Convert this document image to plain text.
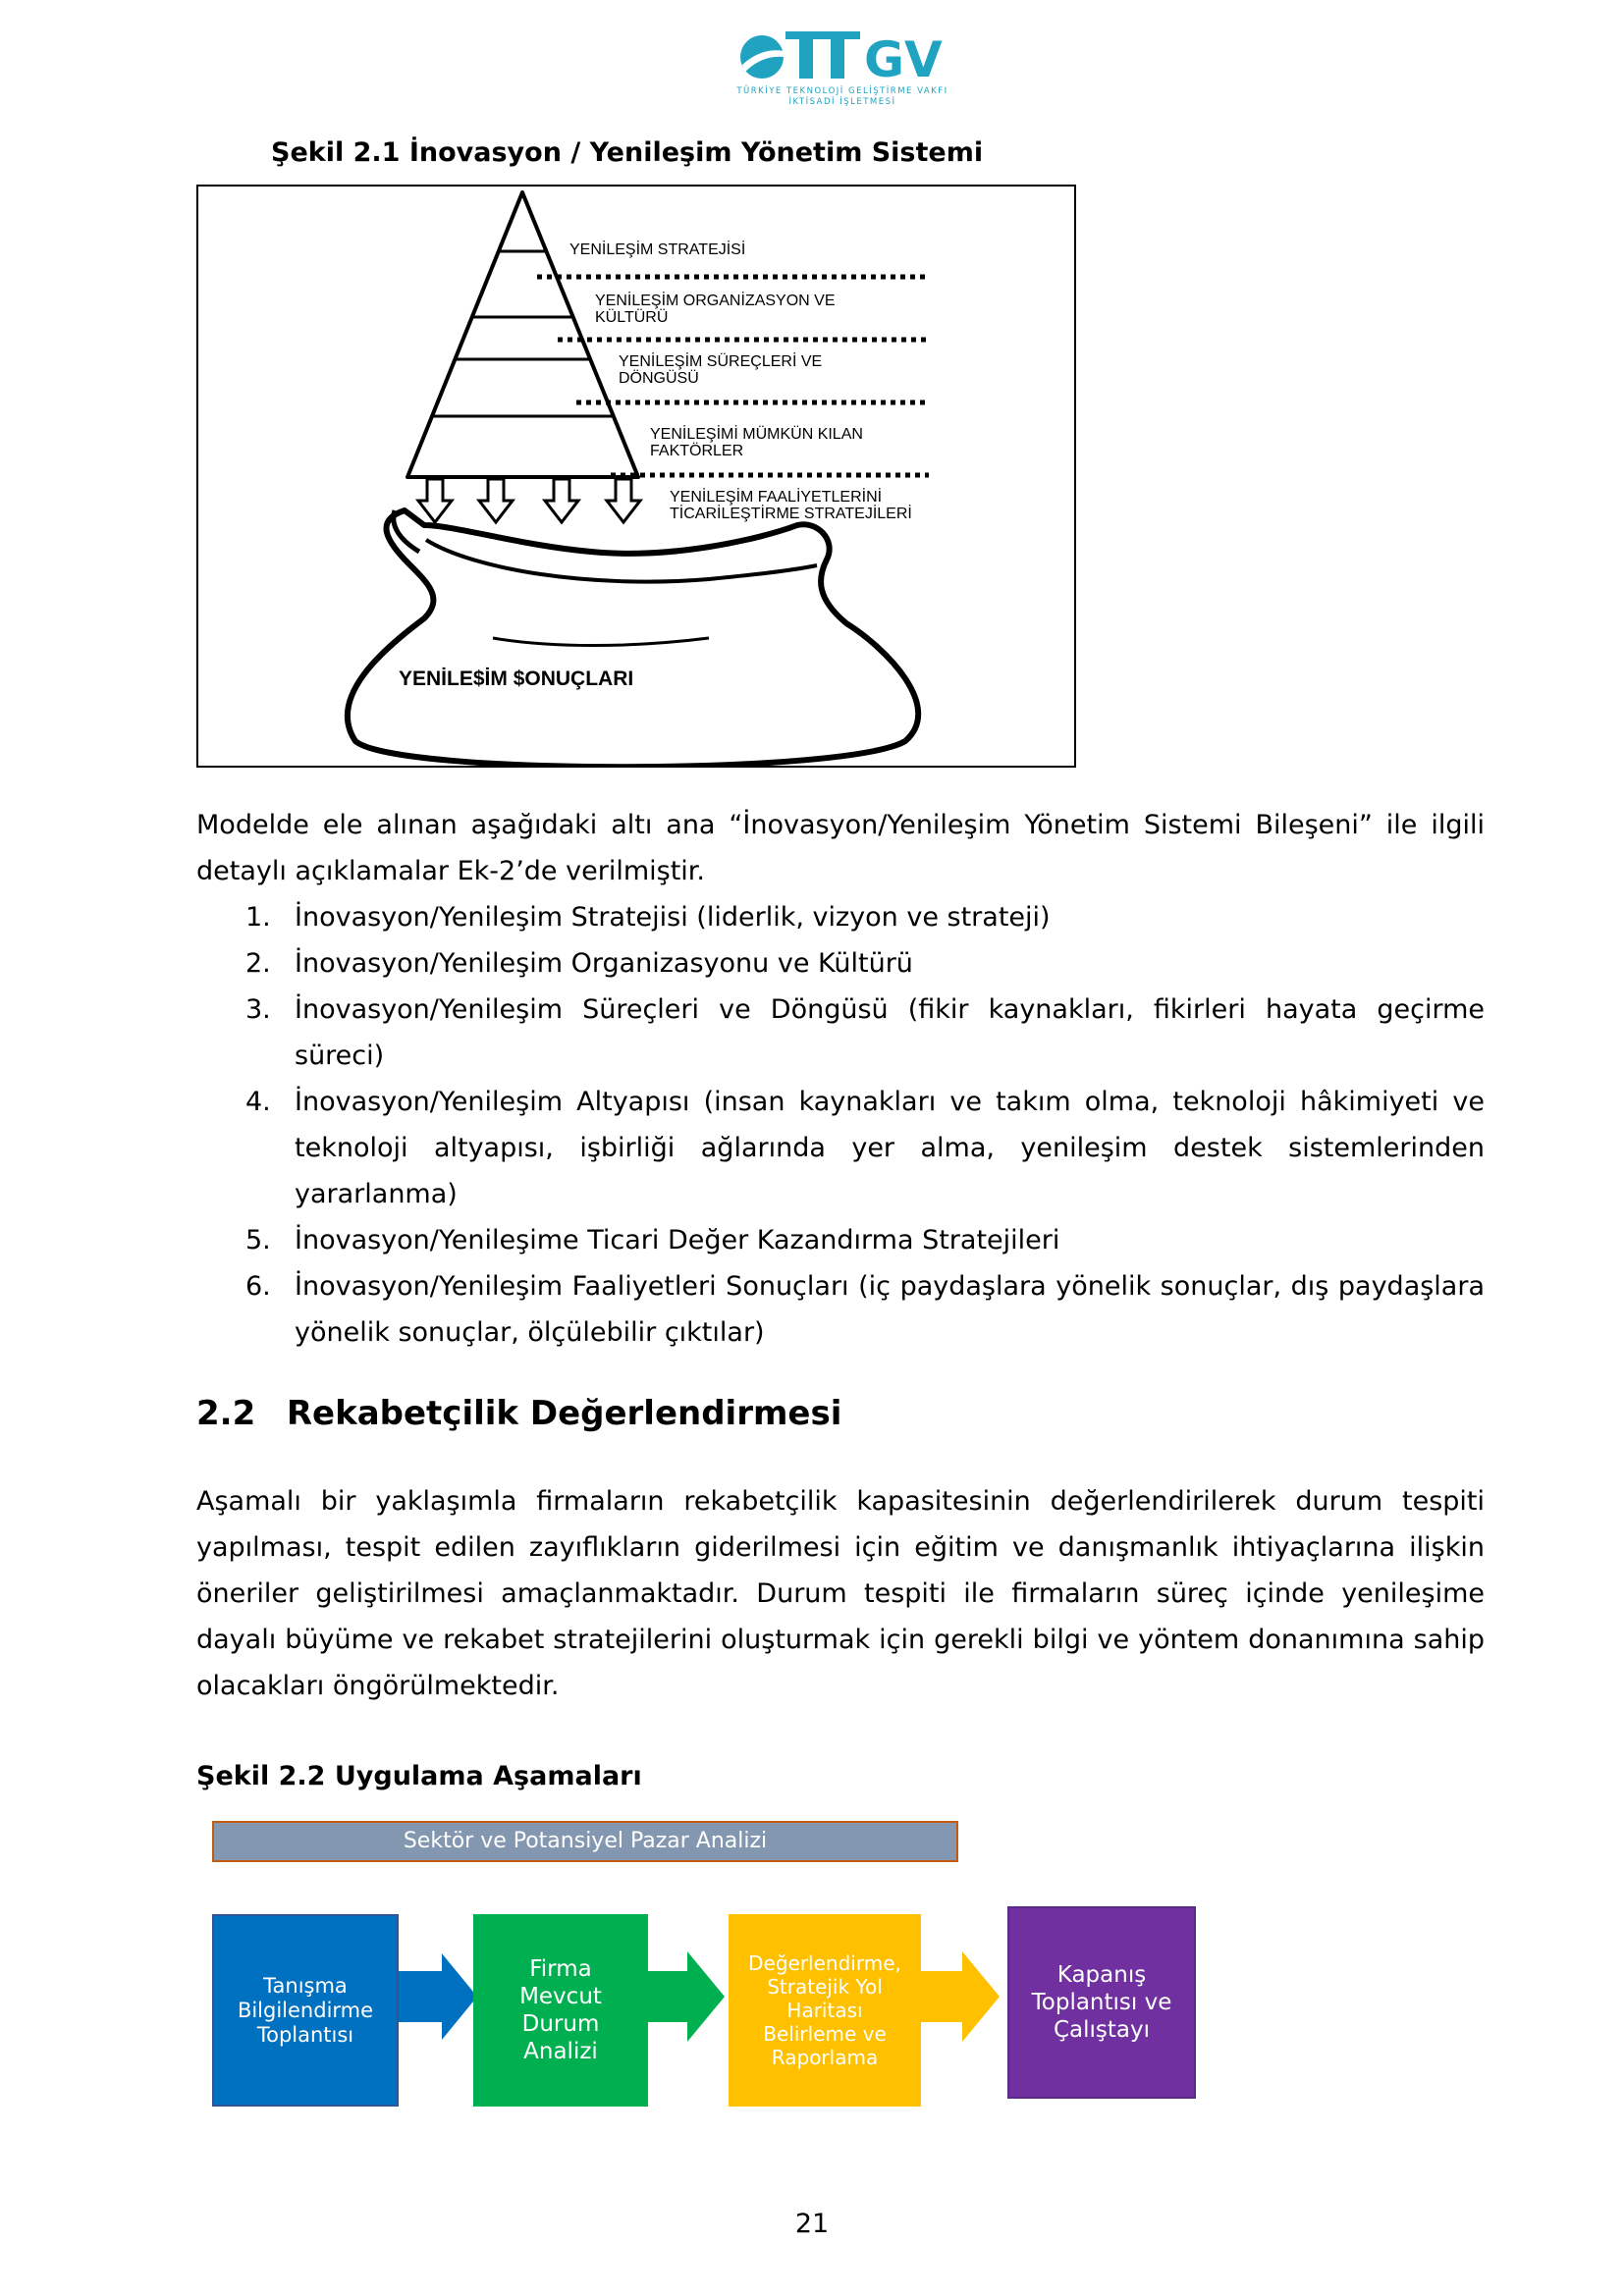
GV
TÜRKİYE TEKNOLOJİ GELİŞTİRME VAKFI
İKTİSADİ İŞLETMESİ
Şekil 2.1 İnovasyon / Yenileşim Yönetim Sistemi
YENİLEŞİM STRATEJİSİ
YENİLEŞİM ORGANİZASYON VE
KÜLTÜRÜ
YENİLEŞİM SÜREÇLERİ VE
DÖNGÜSÜ
YENİLEŞİMİ MÜMKÜN KILAN
FAKTÖRLER
YENİLEŞİM FAALİYETLERİNİ
TİCARİLEŞTİRME STRATEJİLERİ
YENİLE$İM $ONUÇLARI
Modelde ele alınan aşağıdaki altı ana “İnovasyon/Yenileşim Yönetim Sistemi Bileşeni” ile ilgili detaylı açıklamalar Ek-2’de verilmiştir.
1. İnovasyon/Yenileşim Stratejisi (liderlik, vizyon ve strateji)
2. İnovasyon/Yenileşim Organizasyonu ve Kültürü
3. İnovasyon/Yenileşim Süreçleri ve Döngüsü (fikir kaynakları, fikirleri hayata geçirme süreci)
4. İnovasyon/Yenileşim Altyapısı (insan kaynakları ve takım olma, teknoloji hâkimiyeti ve teknoloji altyapısı, işbirliği ağlarında yer alma, yenileşim destek sistemlerinden yararlanma)
5. İnovasyon/Yenileşime Ticari Değer Kazandırma Stratejileri
6. İnovasyon/Yenileşim Faaliyetleri Sonuçları (iç paydaşlara yönelik sonuçlar, dış paydaşlara yönelik sonuçlar, ölçülebilir çıktılar)
2.2 Rekabetçilik Değerlendirmesi
Aşamalı bir yaklaşımla firmaların rekabetçilik kapasitesinin değerlendirilerek durum tespiti yapılması, tespit edilen zayıflıkların giderilmesi için eğitim ve danışmanlık ihtiyaçlarına ilişkin öneriler geliştirilmesi amaçlanmaktadır. Durum tespiti ile firmaların süreç içinde yenileşime dayalı büyüme ve rekabet stratejilerini oluşturmak için gerekli bilgi ve yöntem donanımına sahip olacakları öngörülmektedir.
Şekil 2.2 Uygulama Aşamaları
Sektör ve Potansiyel Pazar Analizi
Tanışma
Bilgilendirme
Toplantısı
Firma
Mevcut
Durum
Analizi
Değerlendirme,
Stratejik Yol
Haritası
Belirleme ve
Raporlama
Kapanış
Toplantısı ve
Çalıştayı
21
